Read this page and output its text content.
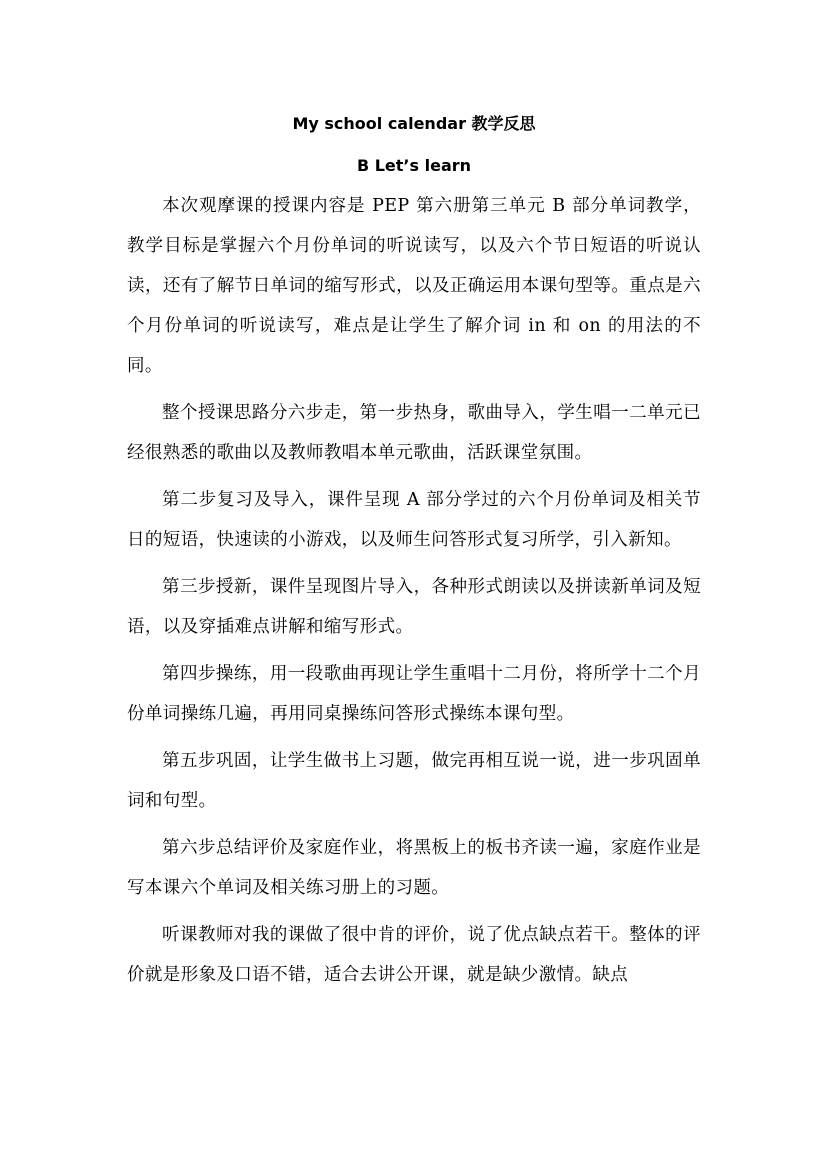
My school calendar 教学反思
B Let’s learn

本次观摩课的授课内容是 PEP 第六册第三单元 B 部分单词教学，教学目标是掌握六个月份单词的听说读写，以及六个节日短语的听说认读，还有了解节日单词的缩写形式，以及正确运用本课句型等。重点是六个月份单词的听说读写，难点是让学生了解介词 in 和 on 的用法的不同。

整个授课思路分六步走，第一步热身，歌曲导入，学生唱一二单元已经很熟悉的歌曲以及教师教唱本单元歌曲，活跃课堂氛围。

第二步复习及导入，课件呈现 A 部分学过的六个月份单词及相关节日的短语，快速读的小游戏，以及师生问答形式复习所学，引入新知。

第三步授新，课件呈现图片导入，各种形式朗读以及拼读新单词及短语，以及穿插难点讲解和缩写形式。

第四步操练，用一段歌曲再现让学生重唱十二月份，将所学十二个月份单词操练几遍，再用同桌操练问答形式操练本课句型。

第五步巩固，让学生做书上习题，做完再相互说一说，进一步巩固单词和句型。

第六步总结评价及家庭作业，将黑板上的板书齐读一遍，家庭作业是写本课六个单词及相关练习册上的习题。

听课教师对我的课做了很中肯的评价，说了优点缺点若干。整体的评价就是形象及口语不错，适合去讲公开课，就是缺少激情。缺点
